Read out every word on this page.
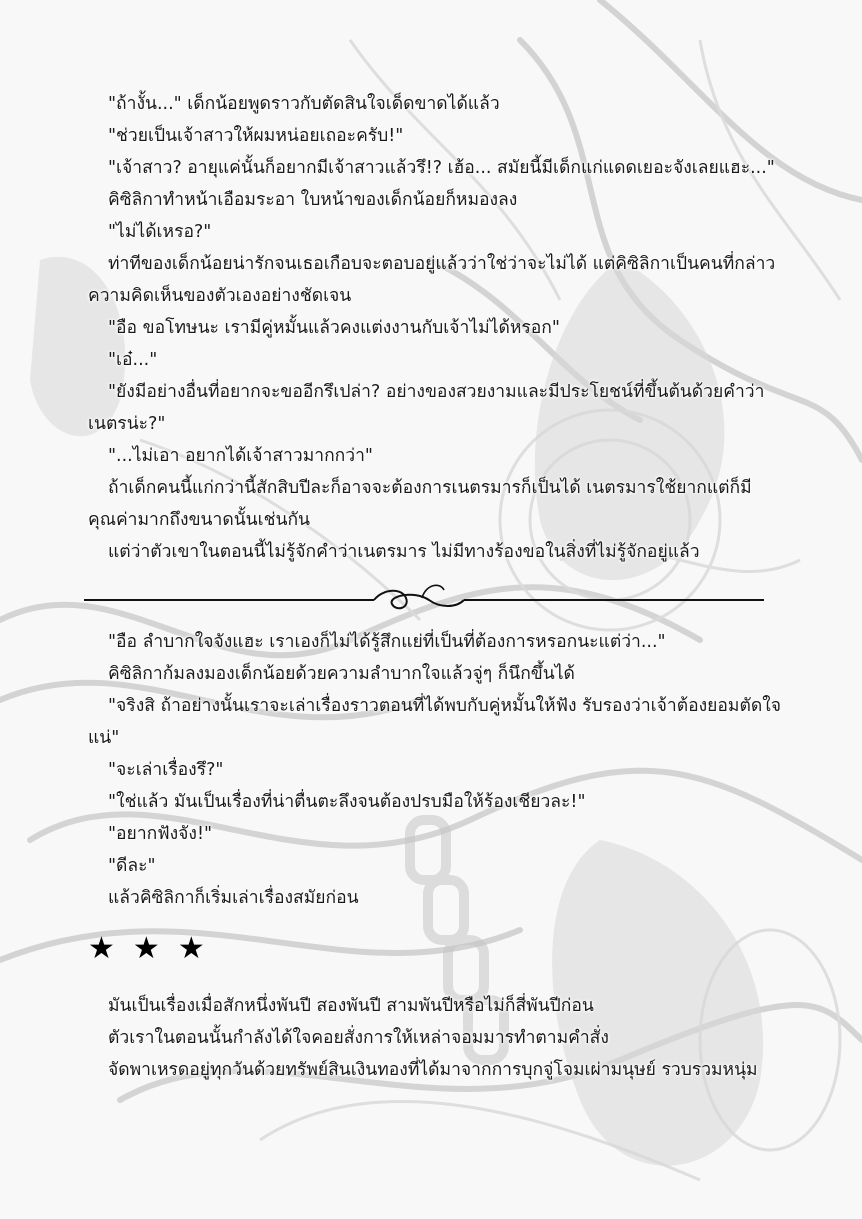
"ถ้างั้น..." เด็กน้อยพูดราวกับตัดสินใจเด็ดขาดได้แล้ว
"ช่วยเป็นเจ้าสาวให้ผมหน่อยเถอะครับ!"
"เจ้าสาว? อายุแค่นั้นก็อยากมีเจ้าสาวแล้วรึ!? เฮ้อ... สมัยนี้มีเด็กแก่แดดเยอะจังเลยแฮะ..."
คิซิลิกาทำหน้าเอือมระอา ใบหน้าของเด็กน้อยก็หมองลง
"ไม่ได้เหรอ?"
ท่าทีของเด็กน้อยน่ารักจนเธอเกือบจะตอบอยู่แล้วว่าใช่ว่าจะไม่ได้ แต่คิซิลิกาเป็นคนที่กล่าว
ความคิดเห็นของตัวเองอย่างชัดเจน
"อือ ขอโทษนะ เรามีคู่หมั้นแล้วคงแต่งงานกับเจ้าไม่ได้หรอก"
"เอ๋..."
"ยังมีอย่างอื่นที่อยากจะขออีกรึเปล่า? อย่างของสวยงามและมีประโยชน์ที่ขึ้นต้นด้วยคำว่า
เนตรน่ะ?"
"...ไม่เอา อยากได้เจ้าสาวมากกว่า"
ถ้าเด็กคนนี้แก่กว่านี้สักสิบปีละก็อาจจะต้องการเนตรมารก็เป็นได้ เนตรมารใช้ยากแต่ก็มี
คุณค่ามากถึงขนาดนั้นเช่นกัน
แต่ว่าตัวเขาในตอนนี้ไม่รู้จักคำว่าเนตรมาร ไม่มีทางร้องขอในสิ่งที่ไม่รู้จักอยู่แล้ว
"อือ ลำบากใจจังแฮะ เราเองก็ไม่ได้รู้สึกแย่ที่เป็นที่ต้องการหรอกนะแต่ว่า..."
คิซิลิกาก้มลงมองเด็กน้อยด้วยความลำบากใจแล้วจู่ๆ ก็นึกขึ้นได้
"จริงสิ ถ้าอย่างนั้นเราจะเล่าเรื่องราวตอนที่ได้พบกับคู่หมั้นให้ฟัง รับรองว่าเจ้าต้องยอมตัดใจ
แน่"
"จะเล่าเรื่องรึ?"
"ใช่แล้ว มันเป็นเรื่องที่น่าตื่นตะลึงจนต้องปรบมือให้ร้องเชียวละ!"
"อยากฟังจัง!"
"ดีละ"
แล้วคิซิลิกาก็เริ่มเล่าเรื่องสมัยก่อน
★ ★ ★
มันเป็นเรื่องเมื่อสักหนึ่งพันปี สองพันปี สามพันปีหรือไม่ก็สี่พันปีก่อน
ตัวเราในตอนนั้นกำลังได้ใจคอยสั่งการให้เหล่าจอมมารทำตามคำสั่ง
จัดพาเหรดอยู่ทุกวันด้วยทรัพย์สินเงินทองที่ได้มาจากการบุกจู่โจมเผ่ามนุษย์ รวบรวมหนุ่ม
